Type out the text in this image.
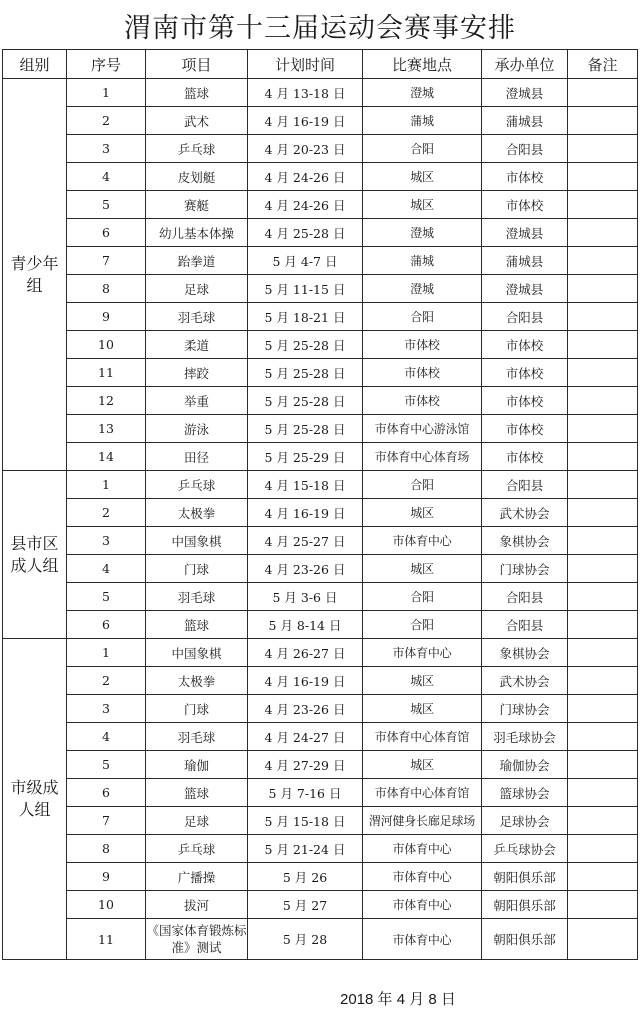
渭南市第十三届运动会赛事安排
组别	序号	项目	计划时间	比赛地点	承办单位	备注
青少年组	1	篮球	4 月 13-18 日	澄城	澄城县	
	2	武术	4 月 16-19 日	蒲城	蒲城县	
	3	乒乓球	4 月 20-23 日	合阳	合阳县	
	4	皮划艇	4 月 24-26 日	城区	市体校	
	5	赛艇	4 月 24-26 日	城区	市体校	
	6	幼儿基本体操	4 月 25-28 日	澄城	澄城县	
	7	跆拳道	5 月 4-7 日	蒲城	蒲城县	
	8	足球	5 月 11-15 日	澄城	澄城县	
	9	羽毛球	5 月 18-21 日	合阳	合阳县	
	10	柔道	5 月 25-28 日	市体校	市体校	
	11	摔跤	5 月 25-28 日	市体校	市体校	
	12	举重	5 月 25-28 日	市体校	市体校	
	13	游泳	5 月 25-28 日	市体育中心游泳馆	市体校	
	14	田径	5 月 25-29 日	市体育中心体育场	市体校	
县市区成人组	1	乒乓球	4 月 15-18 日	合阳	合阳县	
	2	太极拳	4 月 16-19 日	城区	武术协会	
	3	中国象棋	4 月 25-27 日	市体育中心	象棋协会	
	4	门球	4 月 23-26 日	城区	门球协会	
	5	羽毛球	5 月 3-6 日	合阳	合阳县	
	6	篮球	5 月 8-14 日	合阳	合阳县	
市级成人组	1	中国象棋	4 月 26-27 日	市体育中心	象棋协会	
	2	太极拳	4 月 16-19 日	城区	武术协会	
	3	门球	4 月 23-26 日	城区	门球协会	
	4	羽毛球	4 月 24-27 日	市体育中心体育馆	羽毛球协会	
	5	瑜伽	4 月 27-29 日	城区	瑜伽协会	
	6	篮球	5 月 7-16 日	市体育中心体育馆	篮球协会	
	7	足球	5 月 15-18 日	渭河健身长廊足球场	足球协会	
	8	乒乓球	5 月 21-24 日	市体育中心	乒乓球协会	
	9	广播操	5 月 26	市体育中心	朝阳俱乐部	
	10	拔河	5 月 27	市体育中心	朝阳俱乐部	
	11	《国家体育锻炼标准》测试	5 月 28	市体育中心	朝阳俱乐部	
2018 年 4 月 8 日
